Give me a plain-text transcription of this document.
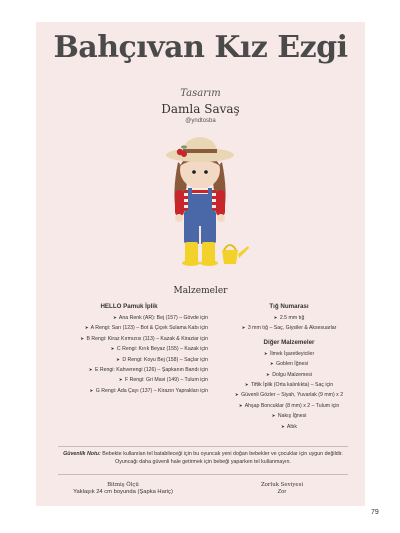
Bahçıvan Kız Ezgi
Tasarım
Damla Savaş
@yndtosba
Malzemeler
HELLO Pamuk İplik
➤ Ana Renk (AR): Bej (157) – Gövde için
➤ A Rengi: Sarı (123) – Bot & Çiçek Sulama Kabı için
➤ B Rengi: Kiraz Kırmızısı (113) – Kazak & Kiraziar için
➤ C Rengi: Kırık Beyaz (155) – Kazak için
➤ D Rengi: Koyu Bej (158) – Saçlar için
➤ E Rengi: Kahverengi (126) – Şapkanın Bandı için
➤ F Rengi: Gri Mavi (149) – Tulum için
➤ G Rengi: Ada Çayı (137) – Kirazın Yaprakları için
Tığ Numarası
➤ 2.5 mm tığ
➤ 3 mm tığ – Saç, Giysiler & Aksesuarlar
Diğer Malzemeler
➤ İlmek İşaretleyiciler
➤ Goblen İğnesi
➤ Dolgu Malzemesi
➤ Tiftik İplik (Orta kalınlıkta) – Saç için
➤ Güvenli Gözler – Siyah, Yuvarlak (9 mm) x 2
➤ Ahşap Boncuklar (8 mm) x 2 – Tulum için
➤ Nakış İğnesi
➤ Altık
Güvenlik Notu: Bebekte kullanılan tel batabileceği için bu oyuncak yeni doğan bebekler ve çocuklar için uygun değildir. Oyuncağı daha güvenli hale getirmek için bebeği yaparken tel kullanmayın.
Bitmiş Ölçü
Yaklaşık 24 cm boyunda (Şapka Hariç)
Zorluk Seviyesi
Zor
79
